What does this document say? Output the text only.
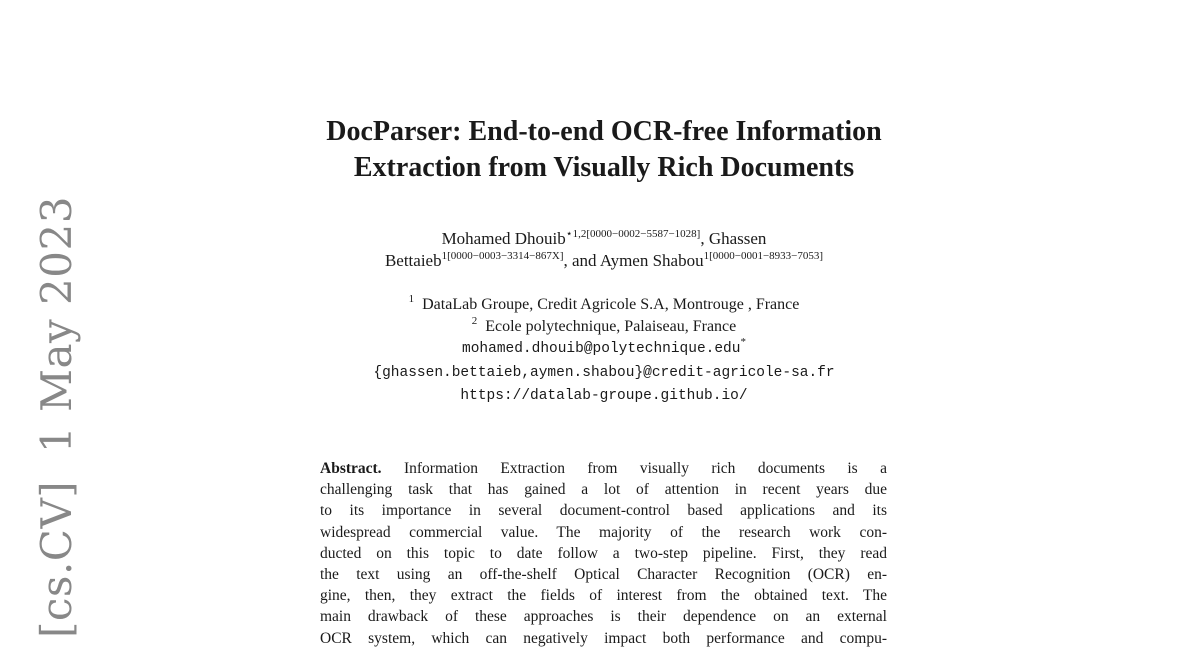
[cs.CV]  1 May 2023
DocParser: End-to-end OCR-free Information
Extraction from Visually Rich Documents
Mohamed Dhouib$^{⋆1,2[0000-0002-5587-1028]}$, Ghassen
Bettaieb$^{1[0000-0003-3314-867X]}$, and Aymen Shabou$^{1[0000-0001-8933-7053]}$
$^1$ DataLab Groupe, Credit Agricole S.A, Montrouge , France
$^2$ Ecole polytechnique, Palaiseau, France
mohamed.dhouib@polytechnique.edu*
{ghassen.bettaieb,aymen.shabou}@credit-agricole-sa.fr
https://datalab-groupe.github.io/
Abstract. Information Extraction from visually rich documents is a
challenging task that has gained a lot of attention in recent years due
to its importance in several document-control based applications and its
widespread commercial value. The majority of the research work con-
ducted on this topic to date follow a two-step pipeline. First, they read
the text using an off-the-shelf Optical Character Recognition (OCR) en-
gine, then, they extract the fields of interest from the obtained text. The
main drawback of these approaches is their dependence on an external
OCR system, which can negatively impact both performance and compu-
